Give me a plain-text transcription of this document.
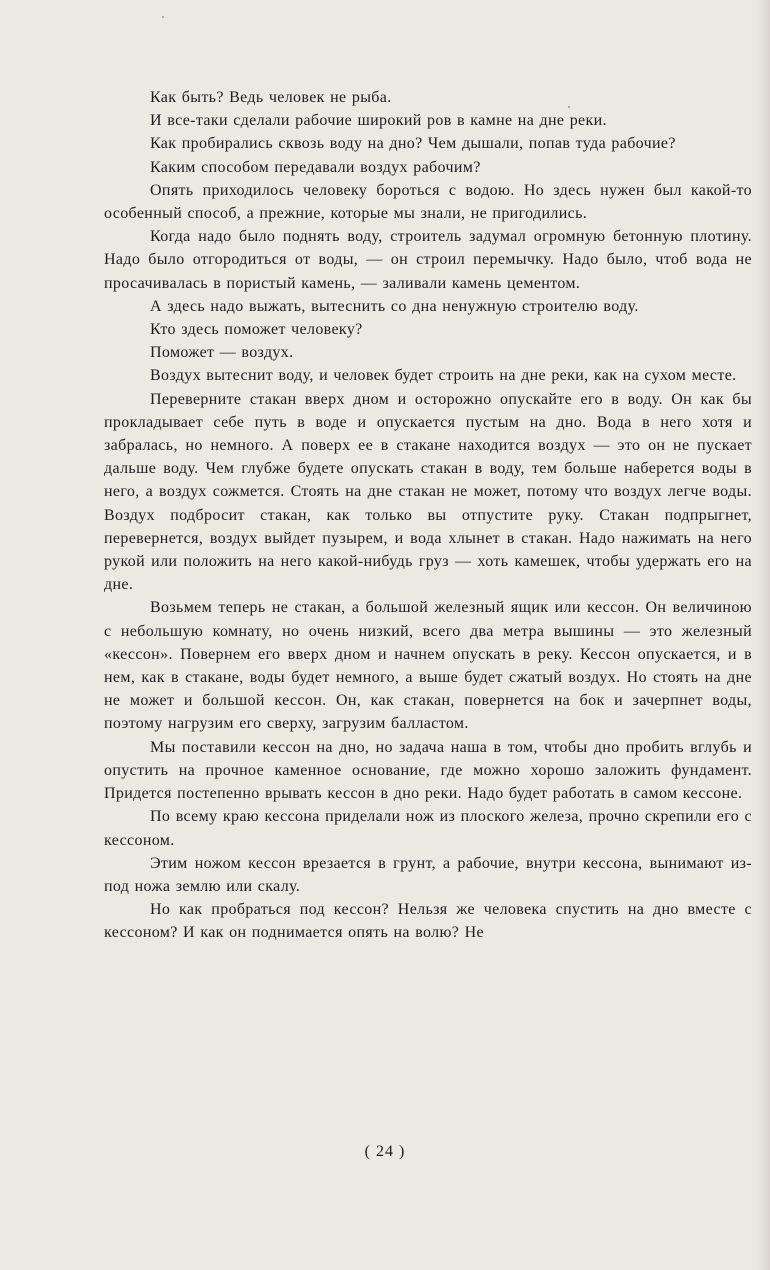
Как быть? Ведь человек не рыба.

И все-таки сделали рабочие широкий ров в камне на дне реки.

Как пробирались сквозь воду на дно? Чем дышали, попав туда рабочие?

Каким способом передавали воздух рабочим?

Опять приходилось человеку бороться с водою. Но здесь нужен был какой-то особенный способ, а прежние, которые мы знали, не пригодились.

Когда надо было поднять воду, строитель задумал огромную бетонную плотину. Надо было отгородиться от воды, — он строил перемычку. Надо было, чтоб вода не просачивалась в пористый камень, — заливали камень цементом.

А здесь надо выжать, вытеснить со дна ненужную строителю воду.

Кто здесь поможет человеку?

Поможет — воздух.

Воздух вытеснит воду, и человек будет строить на дне реки, как на сухом месте.

Переверните стакан вверх дном и осторожно опускайте его в воду. Он как бы прокладывает себе путь в воде и опускается пустым на дно. Вода в него хотя и забралась, но немного. А поверх ее в стакане находится воздух — это он не пускает дальше воду. Чем глубже будете опускать стакан в воду, тем больше наберется воды в него, а воздух сожмется. Стоять на дне стакан не может, потому что воздух легче воды. Воздух подбросит стакан, как только вы отпустите руку. Стакан подпрыгнет, перевернется, воздух выйдет пузырем, и вода хлынет в стакан. Надо нажимать на него рукой или положить на него какой-нибудь груз — хоть камешек, чтобы удержать его на дне.

Возьмем теперь не стакан, а большой железный ящик или кессон. Он величиною с небольшую комнату, но очень низкий, всего два метра вышины — это железный «кессон». Повернем его вверх дном и начнем опускать в реку. Кессон опускается, и в нем, как в стакане, воды будет немного, а выше будет сжатый воздух. Но стоять на дне не может и большой кессон. Он, как стакан, повернется на бок и зачерпнет воды, поэтому нагрузим его сверху, загрузим балластом.

Мы поставили кессон на дно, но задача наша в том, чтобы дно пробить вглубь и опустить на прочное каменное основание, где можно хорошо заложить фундамент. Придется постепенно врывать кессон в дно реки. Надо будет работать в самом кессоне.

По всему краю кессона приделали нож из плоского железа, прочно скрепили его с кессоном.

Этим ножом кессон врезается в грунт, а рабочие, внутри кессона, вынимают из-под ножа землю или скалу.

Но как пробраться под кессон? Нельзя же человека спустить на дно вместе с кессоном? И как он поднимается опять на волю? Не

( 24 )
